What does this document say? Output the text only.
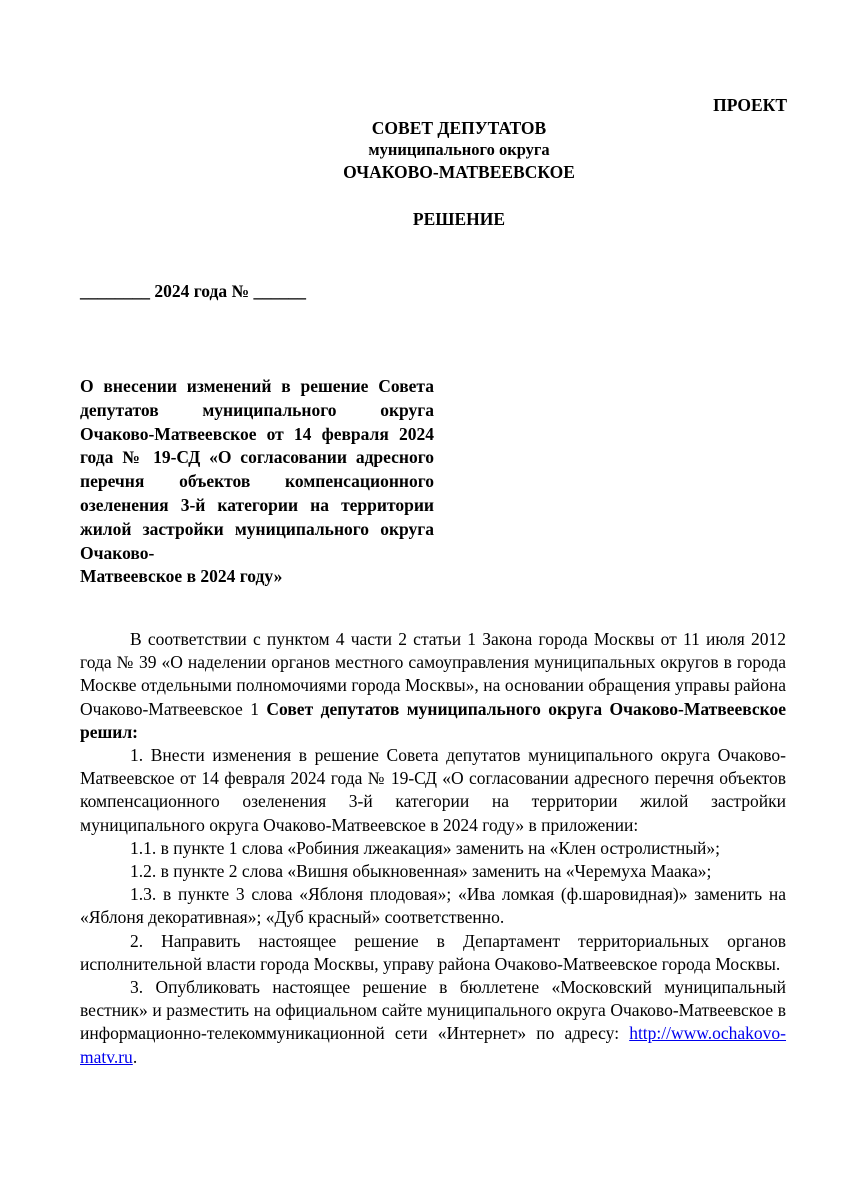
ПРОЕКТ
СОВЕТ ДЕПУТАТОВ
муниципального округа
ОЧАКОВО-МАТВЕЕВСКОЕ
РЕШЕНИЕ
________ 2024 года № ______
О внесении изменений в решение Совета депутатов муниципального округа Очаково-Матвеевское от 14 февраля 2024 года № 19-СД «О согласовании адресного перечня объектов компенсационного озеленения 3-й категории на территории жилой застройки муниципального округа Очаково-
Матвеевское в 2024 году»

В соответствии с пунктом 4 части 2 статьи 1 Закона города Москвы от 11 июля 2012 года № 39 «О наделении органов местного самоуправления муниципальных округов в города Москве отдельными полномочиями города Москвы», на основании обращения управы района Очаково-Матвеевское 1 Совет депутатов муниципального округа Очаково-Матвеевское решил:

1. Внести изменения в решение Совета депутатов муниципального округа Очаково-Матвеевское от 14 февраля 2024 года № 19-СД «О согласовании адресного перечня объектов компенсационного озеленения 3-й категории на территории жилой застройки муниципального округа Очаково-Матвеевское в 2024 году» в приложении:

1.1. в пункте 1 слова «Робиния лжеакация» заменить на «Клен остролистный»;

1.2. в пункте 2 слова «Вишня обыкновенная» заменить на «Черемуха Маака»;

1.3. в пункте 3 слова «Яблоня плодовая»; «Ива ломкая (ф.шаровидная)» заменить на «Яблоня декоративная»; «Дуб красный» соответственно.

2. Направить настоящее решение в Департамент территориальных органов исполнительной власти города Москвы, управу района Очаково-Матвеевское города Москвы.

3. Опубликовать настоящее решение в бюллетене «Московский муниципальный вестник» и разместить на официальном сайте муниципального округа Очаково-Матвеевское в информационно-телекоммуникационной сети «Интернет» по адресу: http://www.ochakovo-matv.ru.
